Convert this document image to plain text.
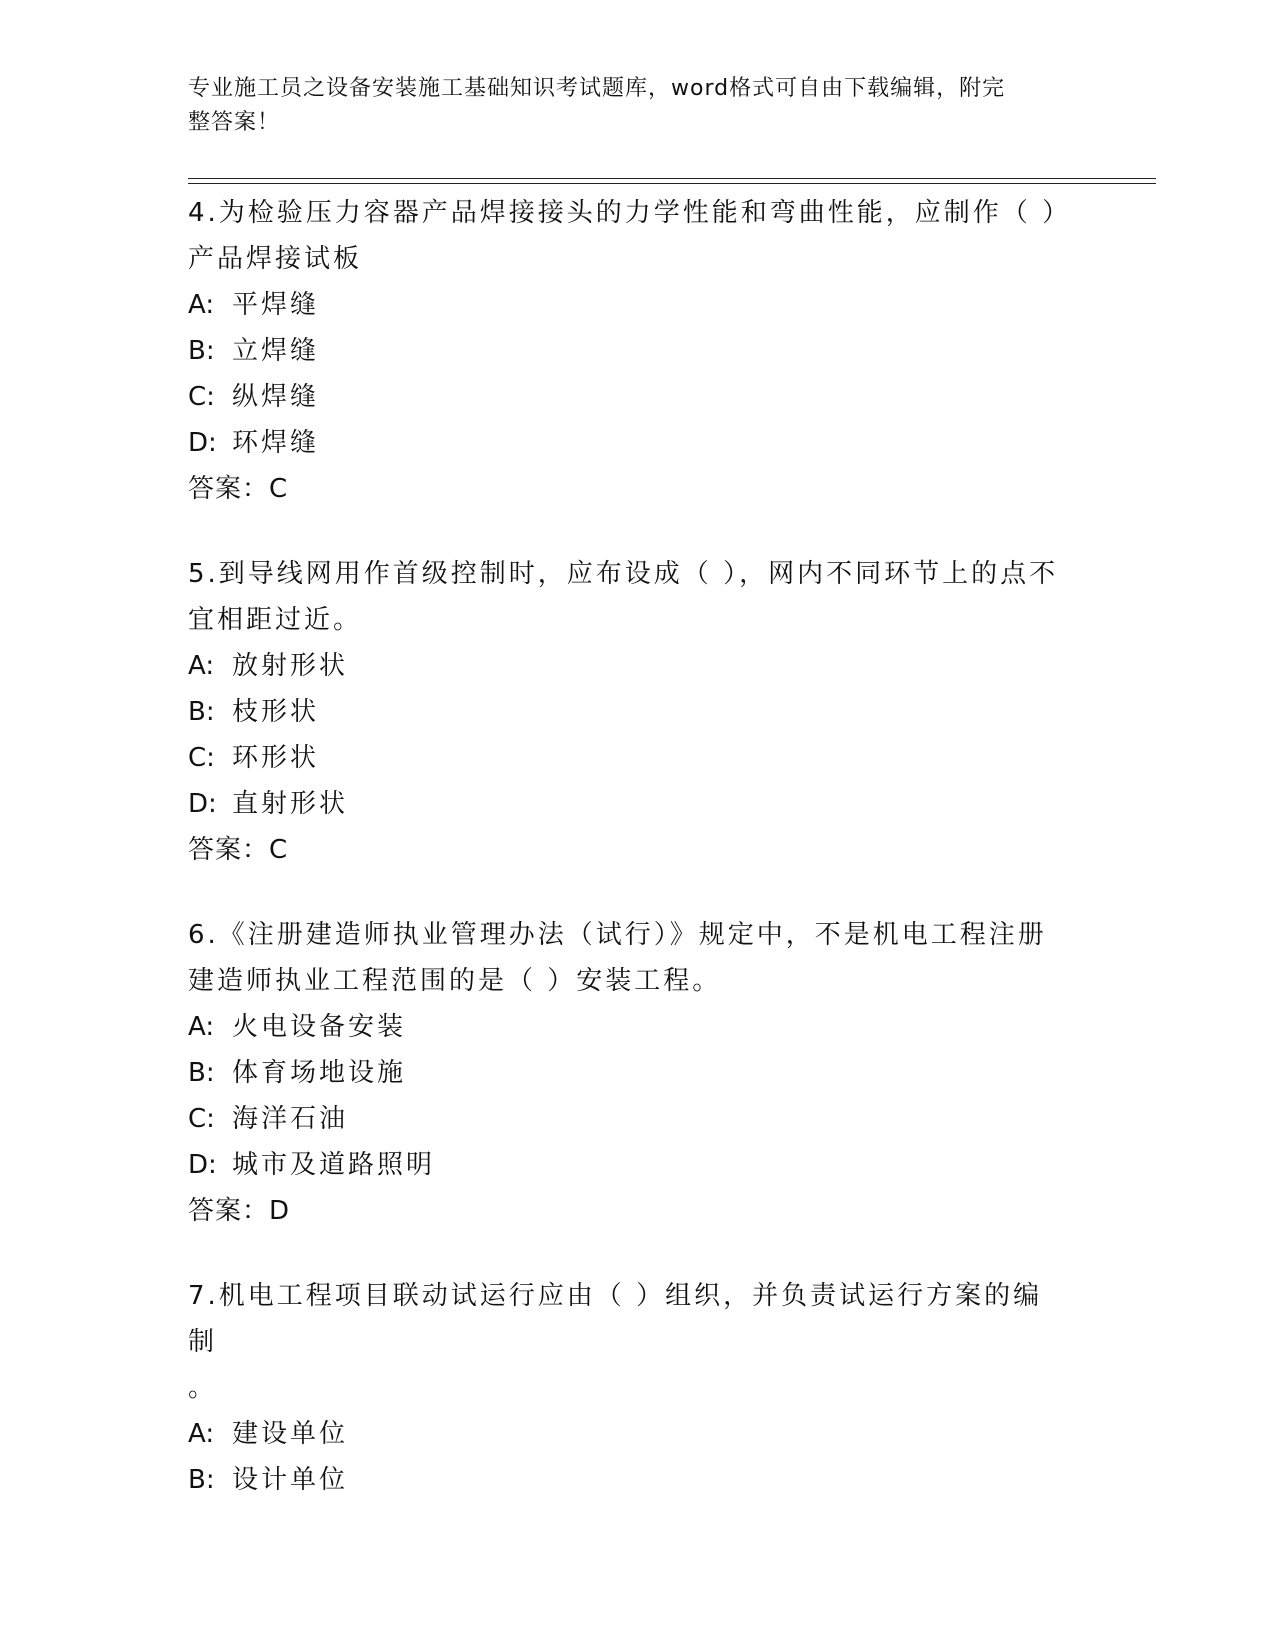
专业施工员之设备安装施工基础知识考试题库，word格式可自由下载编辑，附完
整答案！
4.为检验压力容器产品焊接接头的力学性能和弯曲性能，应制作（ ）
产品焊接试板
A: 平焊缝
B: 立焊缝
C: 纵焊缝
D: 环焊缝
答案：C
5.到导线网用作首级控制时，应布设成（ ），网内不同环节上的点不
宜相距过近。
A: 放射形状
B: 枝形状
C: 环形状
D: 直射形状
答案：C
6.《注册建造师执业管理办法（试行）》规定中，不是机电工程注册
建造师执业工程范围的是（ ）安装工程。
A: 火电设备安装
B: 体育场地设施
C: 海洋石油
D: 城市及道路照明
答案：D
7.机电工程项目联动试运行应由（ ）组织，并负责试运行方案的编制
。
A: 建设单位
B: 设计单位
